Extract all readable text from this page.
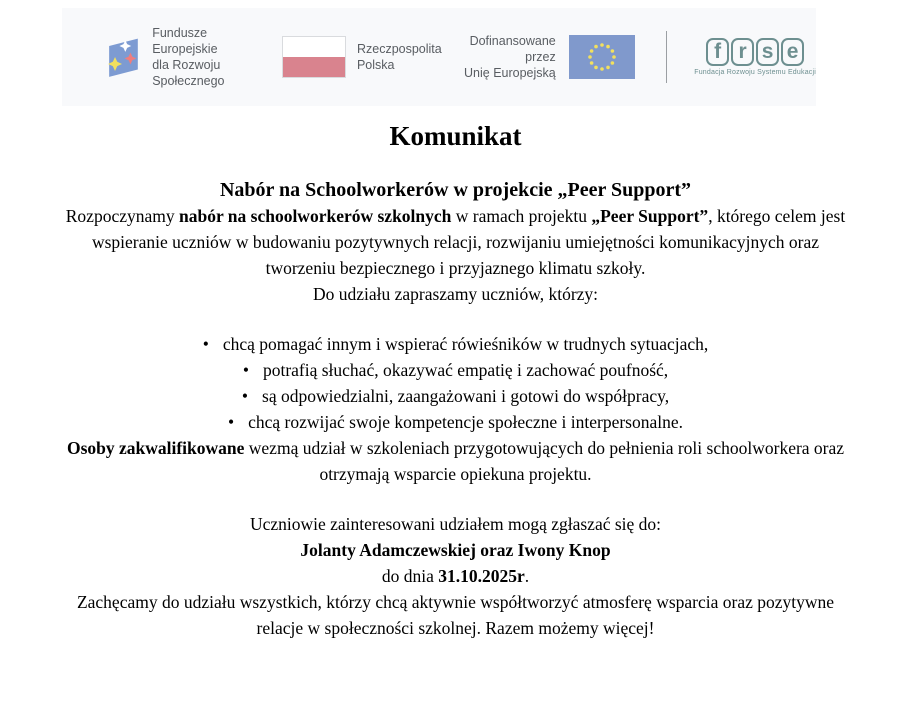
Fundusze Europejskie
dla Rozwoju Społecznego
Rzeczpospolita
Polska
Dofinansowane przez
Unię Europejską
f r s e
Fundacja Rozwoju Systemu Edukacji
Komunikat
Nabór na Schoolworkerów w projekcie „Peer Support”

Rozpoczynamy nabór na schoolworkerów szkolnych w ramach projektu „Peer Support”, którego celem jest wspieranie uczniów w budowaniu pozytywnych relacji, rozwijaniu umiejętności komunikacyjnych oraz tworzeniu bezpiecznego i przyjaznego klimatu szkoły.

Do udziału zapraszamy uczniów, którzy:

• chcą pomagać innym i wspierać rówieśników w trudnych sytuacjach,
• potrafią słuchać, okazywać empatię i zachować poufność,
• są odpowiedzialni, zaangażowani i gotowi do współpracy,
• chcą rozwijać swoje kompetencje społeczne i interpersonalne.

Osoby zakwalifikowane wezmą udział w szkoleniach przygotowujących do pełnienia roli schoolworkera oraz otrzymają wsparcie opiekuna projektu.

Uczniowie zainteresowani udziałem mogą zgłaszać się do:
Jolanty Adamczewskiej oraz Iwony Knop
do dnia 31.10.2025r.

Zachęcamy do udziału wszystkich, którzy chcą aktywnie współtworzyć atmosferę wsparcia oraz pozytywne relacje w społeczności szkolnej. Razem możemy więcej!
